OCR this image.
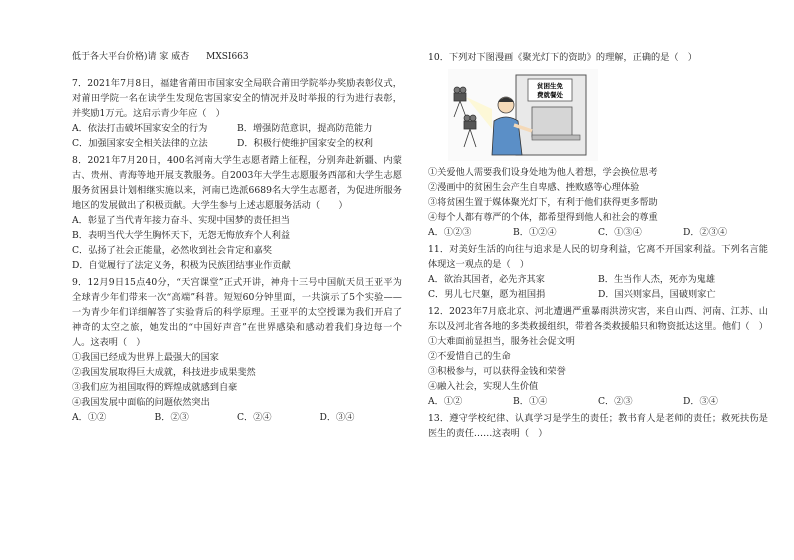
低于各大平台价格)请 家 威杏 MXSI663
7．2021年7月8日，福建省莆田市国家安全局联合莆田学院举办奖励表彰仪式，对莆田学院一名在读学生发现危害国家安全的情况并及时举报的行为进行表彰，并奖励1万元。这启示青少年应（　）
A．依法打击破坏国家安全的行为	B．增强防范意识，提高防范能力
C．加强国家安全相关法律的立法	D．积极行使维护国家安全的权利
8．2021年7月20日，400名河南大学生志愿者踏上征程，分别奔赴新疆、内蒙古、贵州、青海等地开展支教服务。自2003年大学生志愿服务西部和大学生志愿服务贫困县计划相继实施以来，河南已选派6689名大学生志愿者，为促进所服务地区的发展做出了积极贡献。大学生参与上述志愿服务活动（　　）
A．彰显了当代青年接力奋斗、实现中国梦的责任担当
B．表明当代大学生胸怀天下，无怨无悔放弃个人利益
C．弘扬了社会正能量，必然收到社会肯定和嘉奖
D．自觉履行了法定义务，积极为民族团结事业作贡献
9．12月9日15点40分，“天宫课堂”正式开讲，神舟十三号中国航天员王亚平为全球青少年们带来一次“高端”科普。短短60分钟里面，一共演示了5个实验—— 一为青少年们详细解答了实验背后的科学原理。王亚平的太空授课为我们开启了神奇的太空之旅，她发出的“中国好声音”在世界感染和感动着我们身边每一个人。这表明（　）
①我国已经成为世界上最强大的国家
②我国发展取得巨大成就，科技进步成果斐然
③我们应为祖国取得的辉煌成就感到自豪
④我国发展中面临的问题依然突出
A．①②	B．②③	C．②④	D．③④
10．下列对下图漫画《聚光灯下的资助》的理解，正确的是（　）
贫困生免
费就餐处
①关爱他人需要我们设身处地为他人着想，学会换位思考
②漫画中的贫困生会产生自卑感、挫败感等心理体验
③将贫困生置于媒体聚光灯下，有利于他们获得更多帮助
④每个人都有尊严的个体，都希望得到他人和社会的尊重
A．①②③	B．①②④	C．①③④	D．②③④
11．对美好生活的向往与追求是人民的切身利益，它离不开国家利益。下列名言能体现这一观点的是（　）
A．欲治其国者，必先齐其家	B．生当作人杰，死亦为鬼雄
C．男儿七尺躯，愿为祖国捐	D．国兴则家昌，国破则家亡
12．2023年7月底北京、河北遭遇严重暴雨洪涝灾害，来自山西、河南、江苏、山东以及河北省各地的多类救援组织，带着各类救援船只和物资抵达这里。他们（　）
①大难面前显担当，服务社会促文明
②不爱惜自己的生命
③积极参与，可以获得金钱和荣誉
④融入社会，实现人生价值
A．①②	B．①④	C．②③	D．③④
13．遵守学校纪律、认真学习是学生的责任；教书育人是老师的责任；救死扶伤是医生的责任……这表明（　）
